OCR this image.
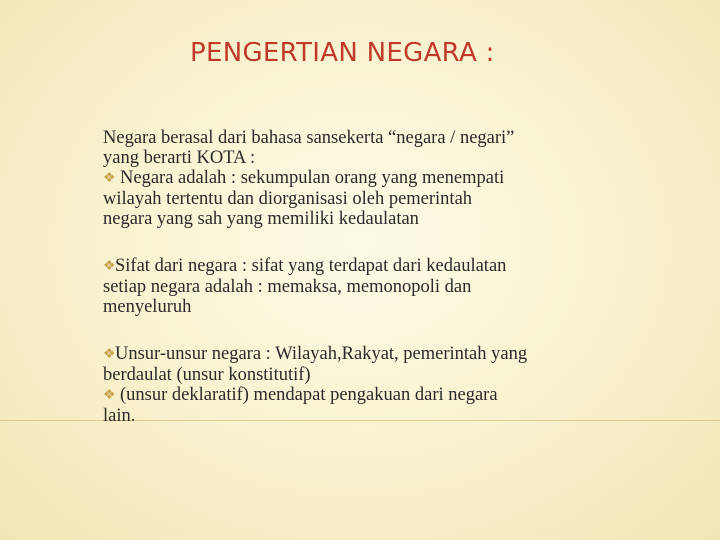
PENGERTIAN NEGARA :

Negara berasal dari bahasa sansekerta “negara / negari”
yang berarti KOTA :
❖ Negara adalah : sekumpulan orang yang menempati
wilayah tertentu dan diorganisasi oleh pemerintah
negara yang sah yang memiliki kedaulatan

❖Sifat dari negara : sifat yang terdapat dari kedaulatan
setiap negara adalah : memaksa, memonopoli dan
menyeluruh

❖Unsur-unsur negara : Wilayah,Rakyat, pemerintah yang
berdaulat (unsur konstitutif)
❖ (unsur deklaratif) mendapat pengakuan dari negara
lain.
